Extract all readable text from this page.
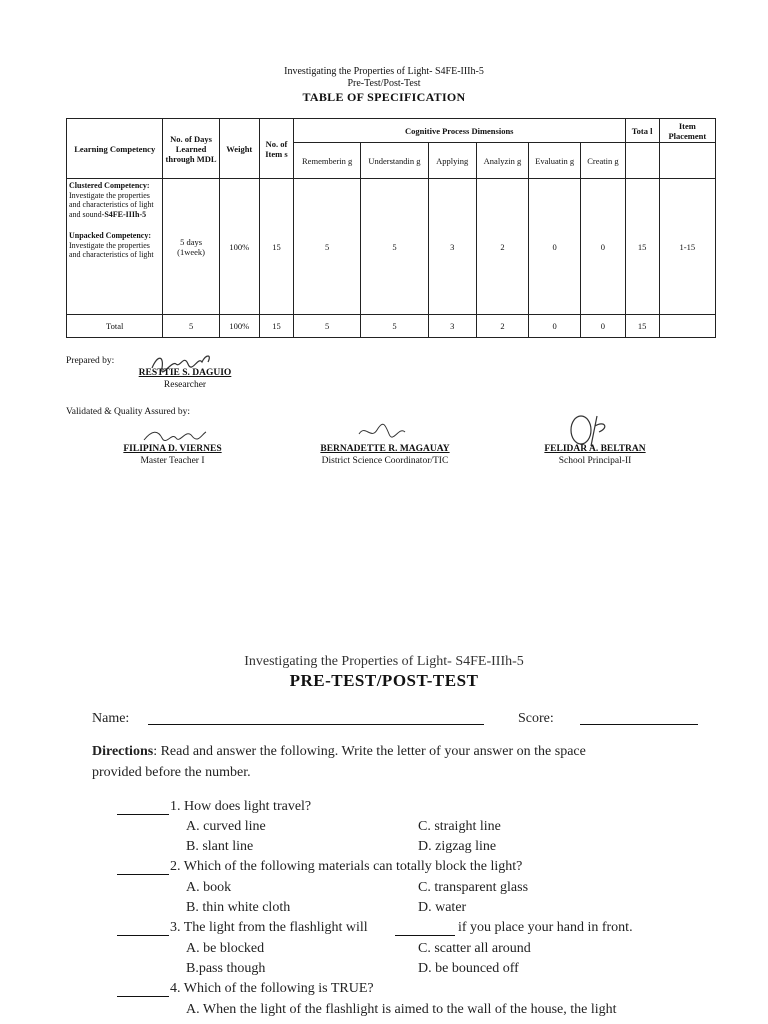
Investigating the Properties of Light- S4FE-IIIh-5
Pre-Test/Post-Test
TABLE OF SPECIFICATION
Learning Competency	No. of Days Learned through MDL	Weight	No. of Item s	Cognitive Process Dimensions						Tota l	Item Placement
				Rememberin g	Understandin g	Applying	Analyzin g	Evaluatin g	Creatin g		
Clustered Competency: Investigate the properties and characteristics of light and sound-S4FE-IIIh-5
Unpacked Competency: Investigate the properties and characteristics of light	5 days (1week)	100%	15	5	5	3	2	0	0	15	1-15
Total	5	100%	15	5	5	3	2	0	0	15	
Prepared by:
RESTTIE S. DAGUIO
Researcher
Validated & Quality Assured by:
FILIPINA D. VIERNES
Master Teacher I
BERNADETTE R. MAGAUAY
District Science Coordinator/TIC
FELIDAR A. BELTRAN
School Principal-II
Investigating the Properties of Light- S4FE-IIIh-5
PRE-TEST/POST-TEST
Name:	Score:
Directions: Read and answer the following. Write the letter of your answer on the space
provided before the number.
1. How does light travel?
A. curved line	C. straight line
B. slant line	D. zigzag line
2. Which of the following materials can totally block the light?
A. book	C. transparent glass
B. thin white cloth	D. water
3. The light from the flashlight will	if you place your hand in front.
A. be blocked	C. scatter all around
B.pass though	D. be bounced off
4. Which of the following is TRUE?
A. When the light of the flashlight is aimed to the wall of the house, the light
